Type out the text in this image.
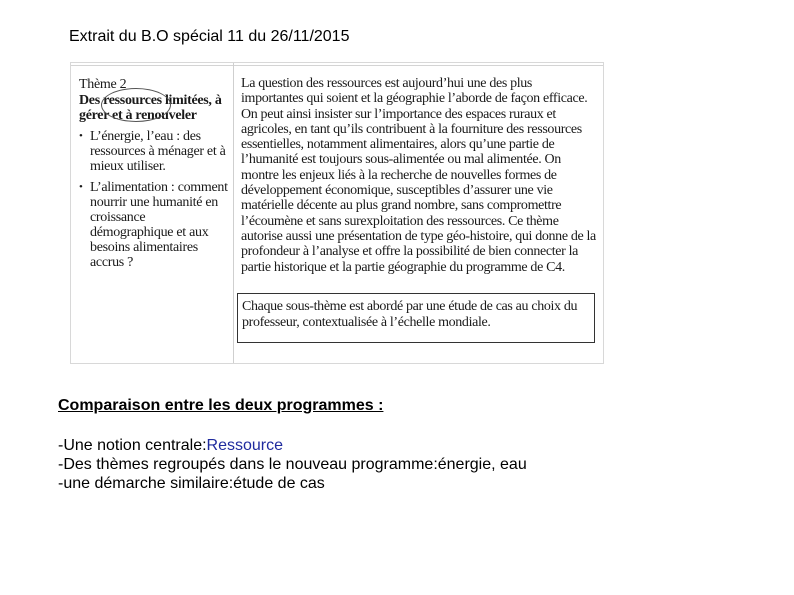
Extrait du B.O spécial 11 du 26/11/2015
Thème 2
Des ressources limitées, à gérer et à renouveler
• L’énergie, l’eau : des ressources à ménager et à mieux utiliser.
• L’alimentation : comment nourrir une humanité en croissance démographique et aux besoins alimentaires accrus ?
La question des ressources est aujourd’hui une des plus importantes qui soient et la géographie l’aborde de façon efficace. On peut ainsi insister sur l’importance des espaces ruraux et agricoles, en tant qu’ils contribuent à la fourniture des ressources essentielles, notamment alimentaires, alors qu’une partie de l’humanité est toujours sous-alimentée ou mal alimentée. On montre les enjeux liés à la recherche de nouvelles formes de développement économique, susceptibles d’assurer une vie matérielle décente au plus grand nombre, sans compromettre l’écoumène et sans surexploitation des ressources. Ce thème autorise aussi une présentation de type géo-histoire, qui donne de la profondeur à l’analyse et offre la possibilité de bien connecter la partie historique et la partie géographie du programme de C4.
Chaque sous-thème est abordé par une étude de cas au choix du professeur, contextualisée à l’échelle mondiale.
Comparaison entre les deux programmes :
-Une notion centrale:Ressource
-Des thèmes regroupés dans le nouveau programme:énergie, eau
-une démarche similaire:étude de cas
